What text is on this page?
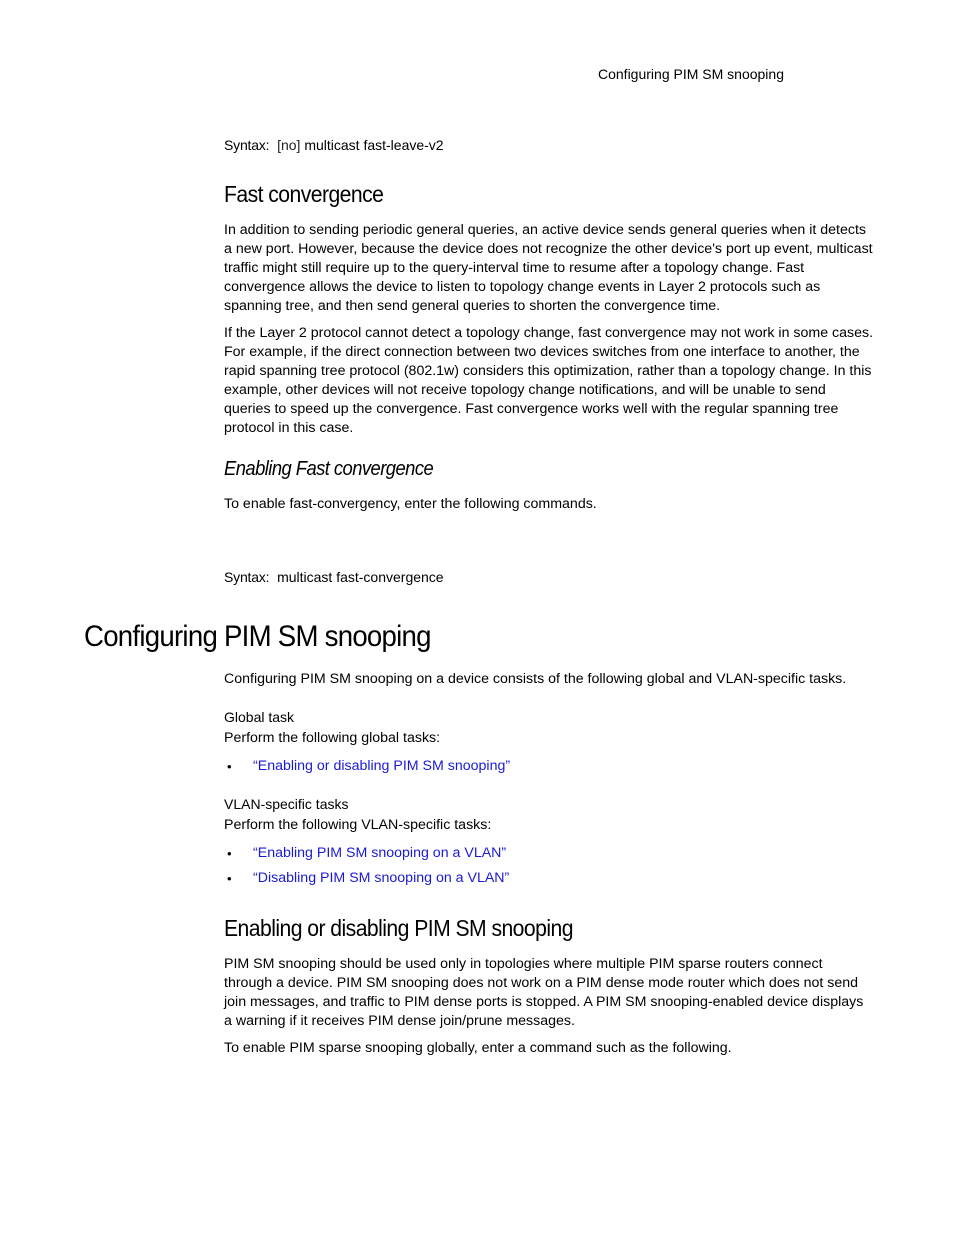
Configuring PIM SM snooping
Syntax: [no] multicast fast-leave-v2
Fast convergence

In addition to sending periodic general queries, an active device sends general queries when it detects a new port. However, because the device does not recognize the other device's port up event, multicast traffic might still require up to the query-interval time to resume after a topology change. Fast convergence allows the device to listen to topology change events in Layer 2 protocols such as spanning tree, and then send general queries to shorten the convergence time.

If the Layer 2 protocol cannot detect a topology change, fast convergence may not work in some cases. For example, if the direct connection between two devices switches from one interface to another, the rapid spanning tree protocol (802.1w) considers this optimization, rather than a topology change. In this example, other devices will not receive topology change notifications, and will be unable to send queries to speed up the convergence. Fast convergence works well with the regular spanning tree protocol in this case.

Enabling Fast convergence

To enable fast-convergency, enter the following commands.

Syntax: multicast fast-convergence
Configuring PIM SM snooping

Configuring PIM SM snooping on a device consists of the following global and VLAN-specific tasks.

Global task

Perform the following global tasks:

• “Enabling or disabling PIM SM snooping”
VLAN-specific tasks

Perform the following VLAN-specific tasks:

• “Enabling PIM SM snooping on a VLAN”
• “Disabling PIM SM snooping on a VLAN”
Enabling or disabling PIM SM snooping

PIM SM snooping should be used only in topologies where multiple PIM sparse routers connect through a device. PIM SM snooping does not work on a PIM dense mode router which does not send join messages, and traffic to PIM dense ports is stopped. A PIM SM snooping-enabled device displays a warning if it receives PIM dense join/prune messages.

To enable PIM sparse snooping globally, enter a command such as the following.
